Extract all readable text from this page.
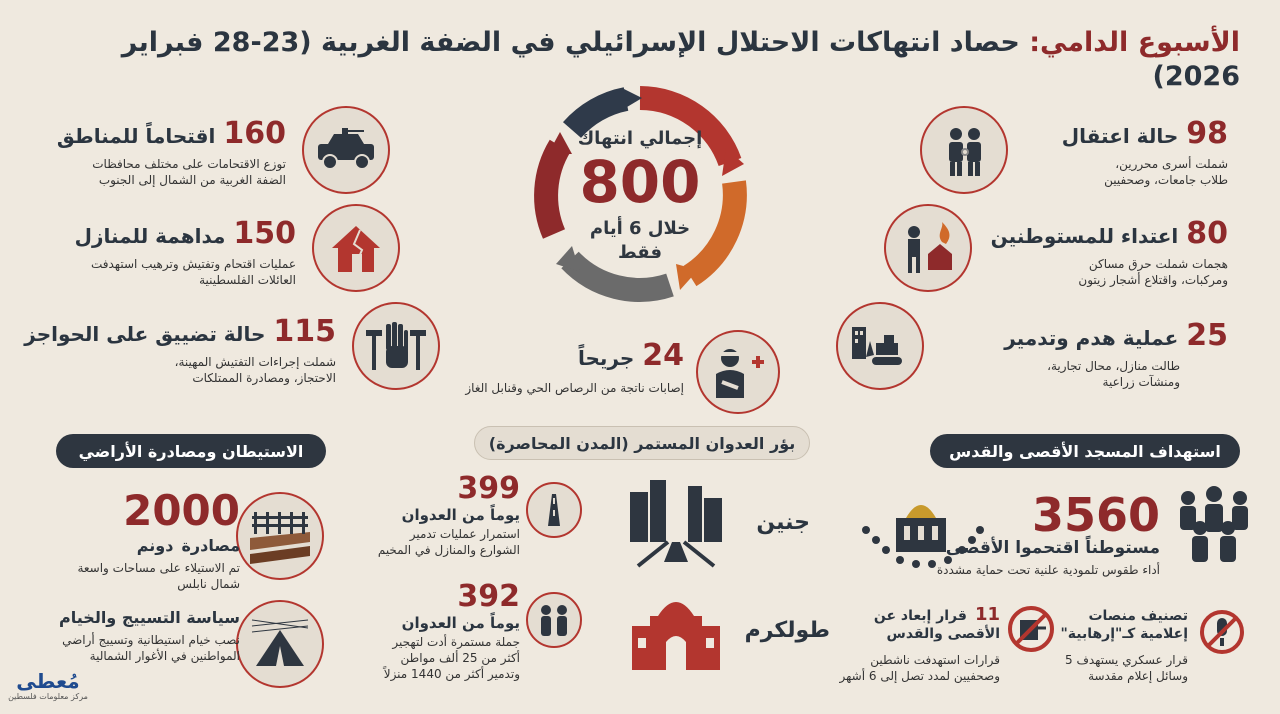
الأسبوع الدامي: حصاد انتهاكات الاحتلال الإسرائيلي في الضفة الغربية (23-28 فبراير 2026)
إجمالي انتهاك
800
خلال 6 أيام
فقط
98
حالة اعتقال
شملت أسرى محررين، طلاب جامعات، وصحفيين
80
اعتداء للمستوطنين
هجمات شملت حرق مساكن ومركبات، واقتلاع أشجار زيتون
25
عملية هدم وتدمير
طالت منازل، محال تجارية، ومنشآت زراعية
160
اقتحاماً للمناطق
توزع الاقتحامات على مختلف محافظات الضفة الغربية من الشمال إلى الجنوب
150
مداهمة للمنازل
عمليات اقتحام وتفتيش وترهيب استهدفت العائلات الفلسطينية
115
حالة تضييق على الحواجز
شملت إجراءات التفتيش المهينة، الاحتجاز، ومصادرة الممتلكات
24
جريحاً
إصابات ناتجة من الرصاص الحي وقنابل الغاز
استهداف المسجد الأقصى والقدس
بؤر العدوان المستمر (المدن المحاصرة)
الاستيطان ومصادرة الأراضي
3560
مستوطناً اقتحموا الأقصى
أداء طقوس تلمودية علنية تحت حماية مشددة
تصنيف منصات
إعلامية كـ"إرهابية"
قرار عسكري يستهدف 5
وسائل إعلام مقدسة
11
قرار إبعاد عن
الأقصى والقدس
قرارات استهدفت ناشطين
وصحفيين لمدد تصل إلى 6 أشهر
جنين
399
يوماً من العدوان
استمرار عمليات تدمير
الشوارع والمنازل في المخيم
طولكرم
392
يوماً من العدوان
جملة مستمرة أدت لتهجير
أكثر من 25 ألف مواطن
وتدمير أكثر من 1440 منزلاً
2000
مصادرة
دونم
تم الاستيلاء على مساحات واسعة
شمال نابلس
سياسة التسييج والخيام
نصب خيام استيطانية وتسييج أراضي
المواطنين في الأغوار الشمالية
مُعطى
مركز معلومات فلسطين
